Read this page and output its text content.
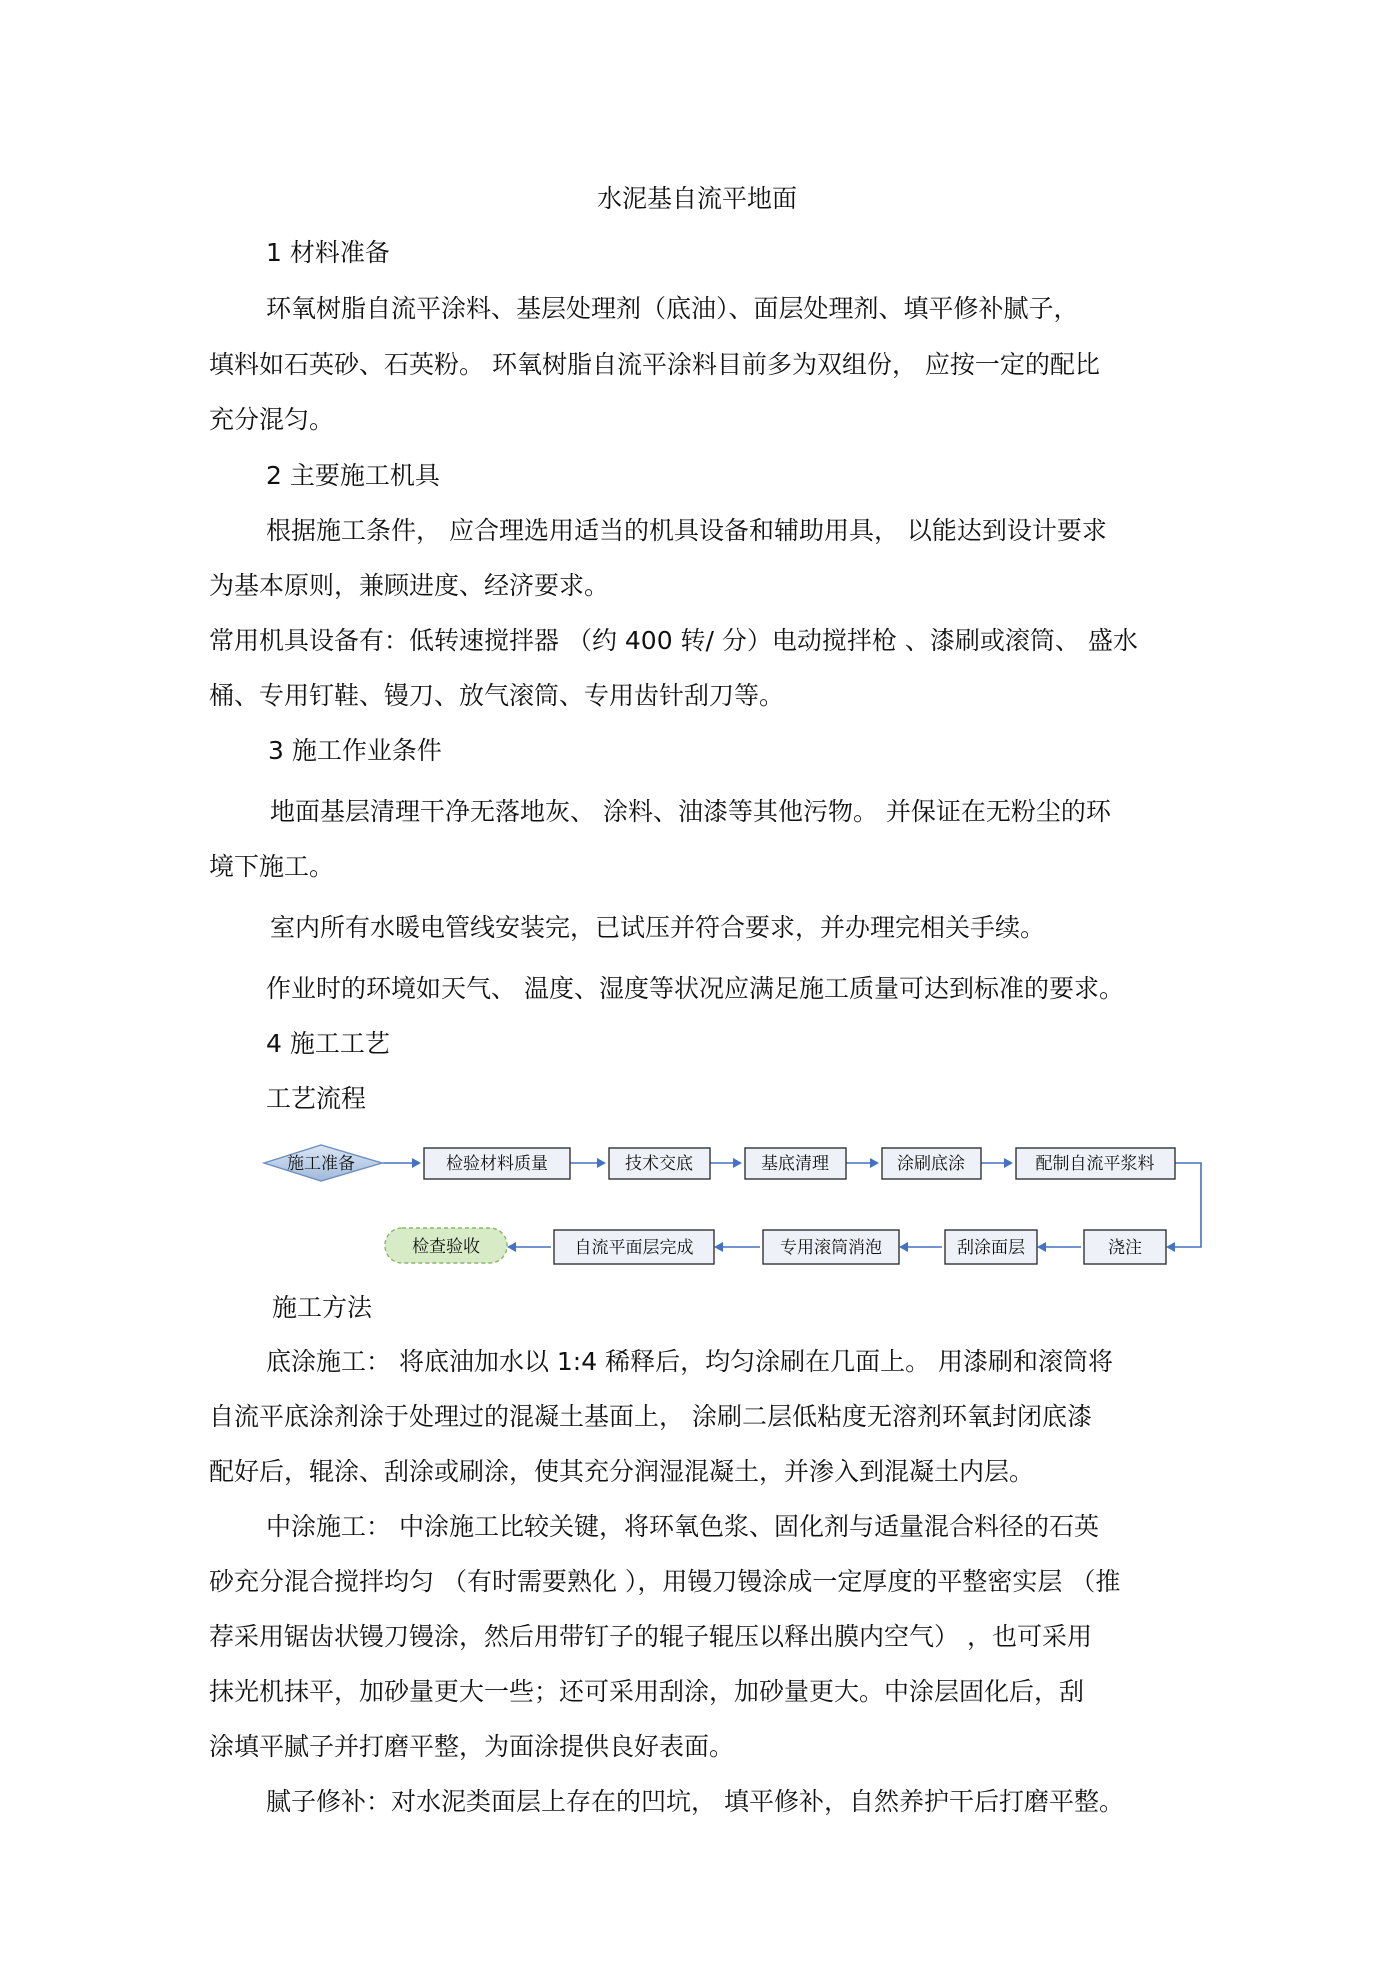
水泥基自流平地面

1 材料准备

环氧树脂自流平涂料、基层处理剂（底油）、面层处理剂、填平修补腻子，

填料如石英砂、石英粉。 环氧树脂自流平涂料目前多为双组份， 应按一定的配比

充分混匀。

2 主要施工机具

根据施工条件， 应合理选用适当的机具设备和辅助用具， 以能达到设计要求

为基本原则，兼顾进度、经济要求。

常用机具设备有：低转速搅拌器 （约 400 转/ 分）电动搅拌枪 、漆刷或滚筒、 盛水

桶、专用钉鞋、镘刀、放气滚筒、专用齿针刮刀等。

3 施工作业条件

地面基层清理干净无落地灰、 涂料、油漆等其他污物。 并保证在无粉尘的环

境下施工。

室内所有水暖电管线安装完，已试压并符合要求，并办理完相关手续。

作业时的环境如天气、 温度、湿度等状况应满足施工质量可达到标准的要求。

4 施工工艺

工艺流程

施工准备	检验材料质量	技术交底	基底清理	涂刷底涂	配制自流平浆料
浇注
刮涂面层
专用滚筒消泡
自流平面层完成
检查验收

施工方法

底涂施工： 将底油加水以 1:4 稀释后，均匀涂刷在几面上。 用漆刷和滚筒将

自流平底涂剂涂于处理过的混凝土基面上， 涂刷二层低粘度无溶剂环氧封闭底漆

配好后，辊涂、刮涂或刷涂，使其充分润湿混凝土，并渗入到混凝土内层。

中涂施工： 中涂施工比较关键，将环氧色浆、固化剂与适量混合料径的石英

砂充分混合搅拌均匀 （有时需要熟化 ），用镘刀镘涂成一定厚度的平整密实层 （推

荐采用锯齿状镘刀镘涂，然后用带钉子的辊子辊压以释出膜内空气） ，也可采用

抹光机抹平，加砂量更大一些；还可采用刮涂，加砂量更大。中涂层固化后，刮

涂填平腻子并打磨平整，为面涂提供良好表面。

腻子修补：对水泥类面层上存在的凹坑， 填平修补，自然养护干后打磨平整。
